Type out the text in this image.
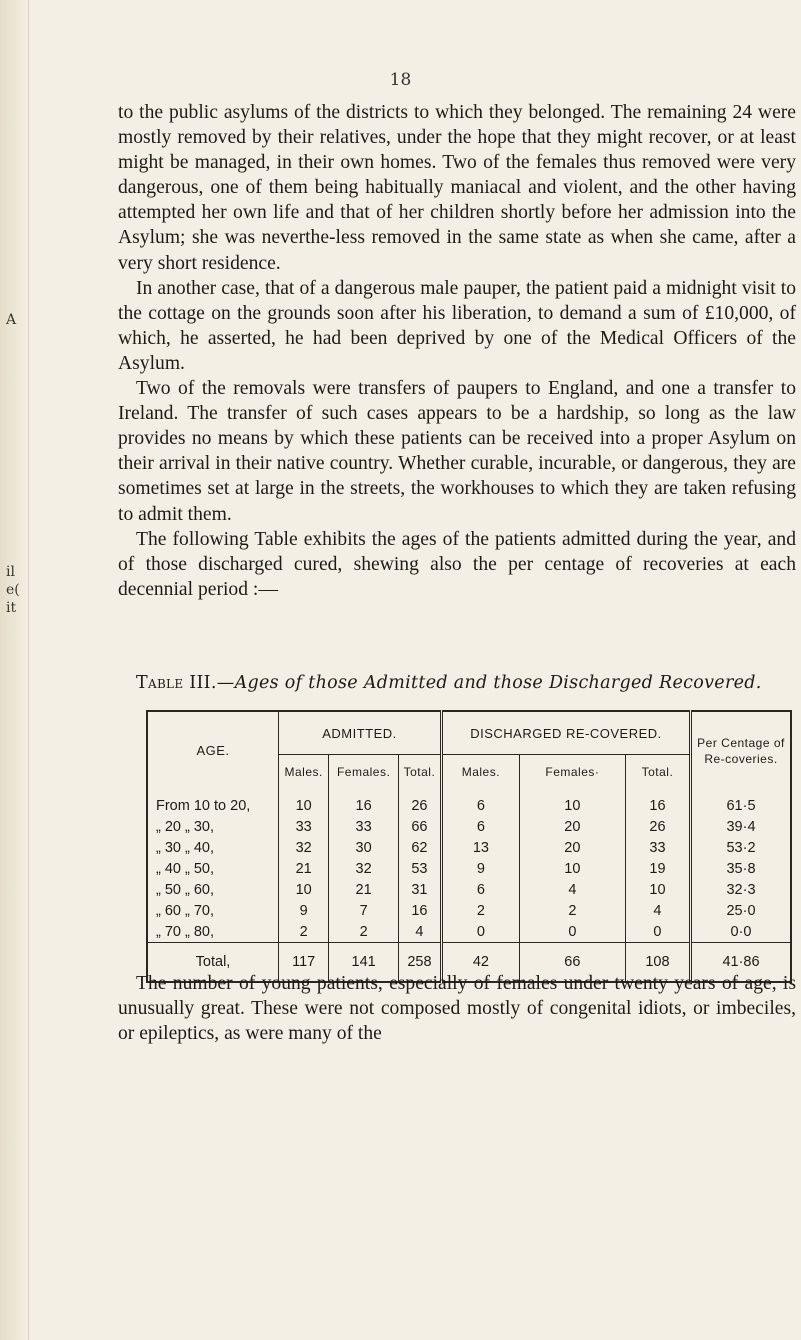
A
il
e(
it
18

to the public asylums of the districts to which they belonged. The remaining 24 were mostly removed by their relatives, under the hope that they might recover, or at least might be managed, in their own homes. Two of the females thus removed were very dangerous, one of them being habitually maniacal and violent, and the other having attempted her own life and that of her children shortly before her admission into the Asylum; she was neverthe-less removed in the same state as when she came, after a very short residence.

In another case, that of a dangerous male pauper, the patient paid a midnight visit to the cottage on the grounds soon after his liberation, to demand a sum of £10,000, of which, he asserted, he had been deprived by one of the Medical Officers of the Asylum.

Two of the removals were transfers of paupers to England, and one a transfer to Ireland. The transfer of such cases appears to be a hardship, so long as the law provides no means by which these patients can be received into a proper Asylum on their arrival in their native country. Whether curable, incurable, or dangerous, they are sometimes set at large in the streets, the workhouses to which they are taken refusing to admit them.

The following Table exhibits the ages of the patients admitted during the year, and of those discharged cured, shewing also the per centage of recoveries at each decennial period :—

Table III.—Ages of those Admitted and those Discharged Recovered.
AGE.	ADMITTED.			DISCHARGED RE-COVERED.			Per Centage of Re-coveries.
	Males.	Females.	Total.	Males.	Females·	Total.	
From 10 to 20,	10	16	26	6	10	16	61·5
„ 20 „ 30,	33	33	66	6	20	26	39·4
„ 30 „ 40,	32	30	62	13	20	33	53·2
„ 40 „ 50,	21	32	53	9	10	19	35·8
„ 50 „ 60,	10	21	31	6	4	10	32·3
„ 60 „ 70,	9	7	16	2	2	4	25·0
„ 70 „ 80,	2	2	4	0	0	0	0·0
Total,	117	141	258	42	66	108	41·86

The number of young patients, especially of females under twenty years of age, is unusually great. These were not composed mostly of congenital idiots, or imbeciles, or epileptics, as were many of the
